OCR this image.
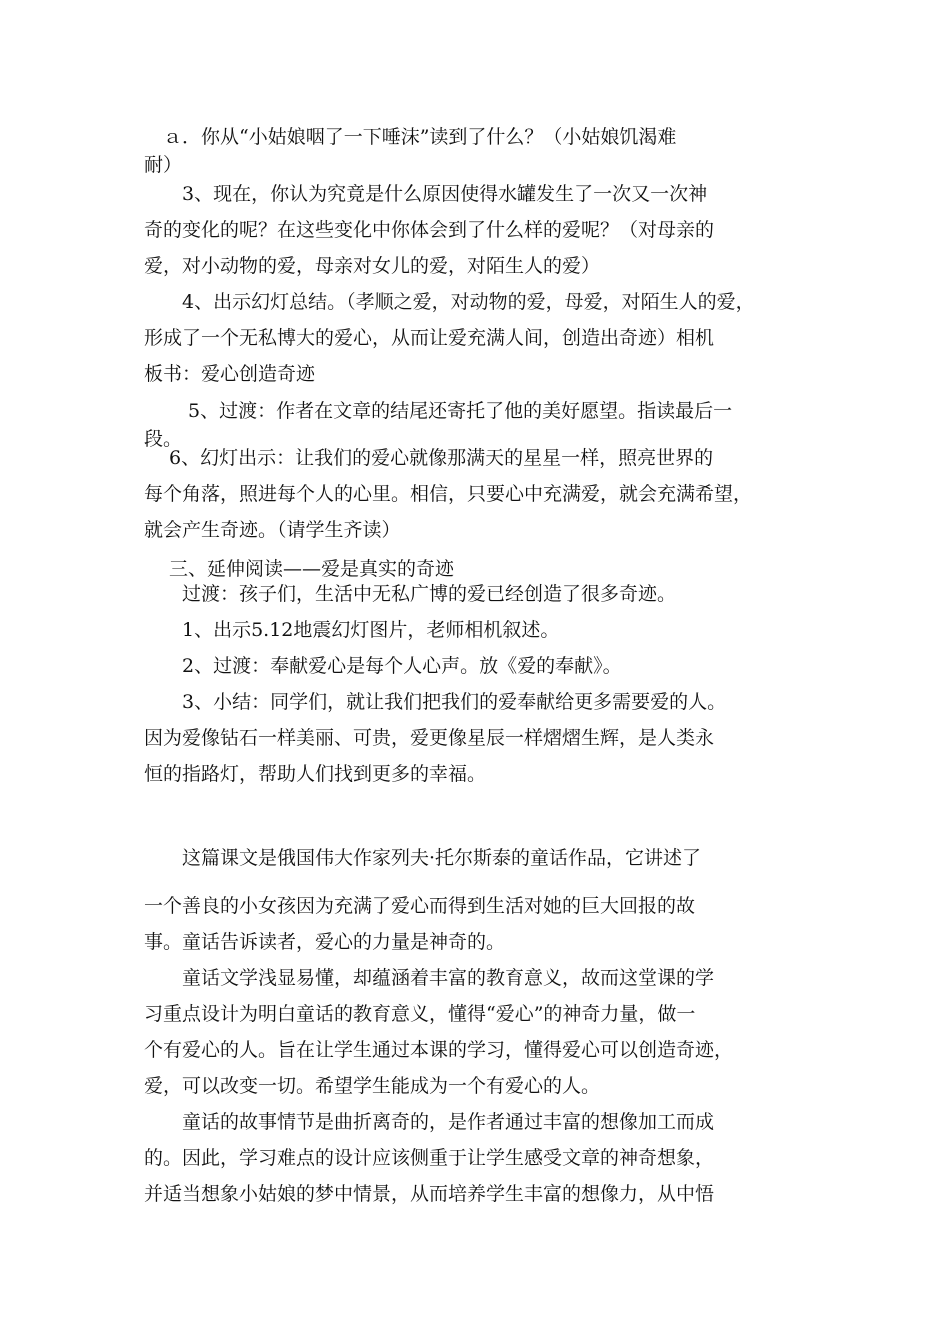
　ａ．你从“小姑娘咽了一下唾沫”读到了什么？（小姑娘饥渴难
耐）
　　3、现在，你认为究竟是什么原因使得水罐发生了一次又一次神
奇的变化的呢？在这些变化中你体会到了什么样的爱呢？（对母亲的
爱，对小动物的爱，母亲对女儿的爱，对陌生人的爱）
　　4、出示幻灯总结。（孝顺之爱，对动物的爱，母爱，对陌生人的爱，
形成了一个无私博大的爱心，从而让爱充满人间，创造出奇迹）相机
板书：爱心创造奇迹
　　 5、过渡：作者在文章的结尾还寄托了他的美好愿望。指读最后一
段。
　 6、幻灯出示：让我们的爱心就像那满天的星星一样，照亮世界的
每个角落，照进每个人的心里。相信，只要心中充满爱，就会充满希望，
就会产生奇迹。（请学生齐读）
　 三、延伸阅读——爱是真实的奇迹
　　过渡：孩子们，生活中无私广博的爱已经创造了很多奇迹。
　　1、出示5.12地震幻灯图片，老师相机叙述。
　　2、过渡：奉献爱心是每个人心声。放《爱的奉献》。
　　3、小结：同学们，就让我们把我们的爱奉献给更多需要爱的人。
因为爱像钻石一样美丽、可贵，爱更像星辰一样熠熠生辉，是人类永
恒的指路灯，帮助人们找到更多的幸福。
　　这篇课文是俄国伟大作家列夫·托尔斯泰的童话作品，它讲述了
一个善良的小女孩因为充满了爱心而得到生活对她的巨大回报的故
事。童话告诉读者，爱心的力量是神奇的。
　　童话文学浅显易懂，却蕴涵着丰富的教育意义，故而这堂课的学
习重点设计为明白童话的教育意义，懂得“爱心”的神奇力量，做一
个有爱心的人。旨在让学生通过本课的学习，懂得爱心可以创造奇迹，
爱，可以改变一切。希望学生能成为一个有爱心的人。
　　童话的故事情节是曲折离奇的，是作者通过丰富的想像加工而成
的。因此，学习难点的设计应该侧重于让学生感受文章的神奇想象，
并适当想象小姑娘的梦中情景，从而培养学生丰富的想像力，从中悟
